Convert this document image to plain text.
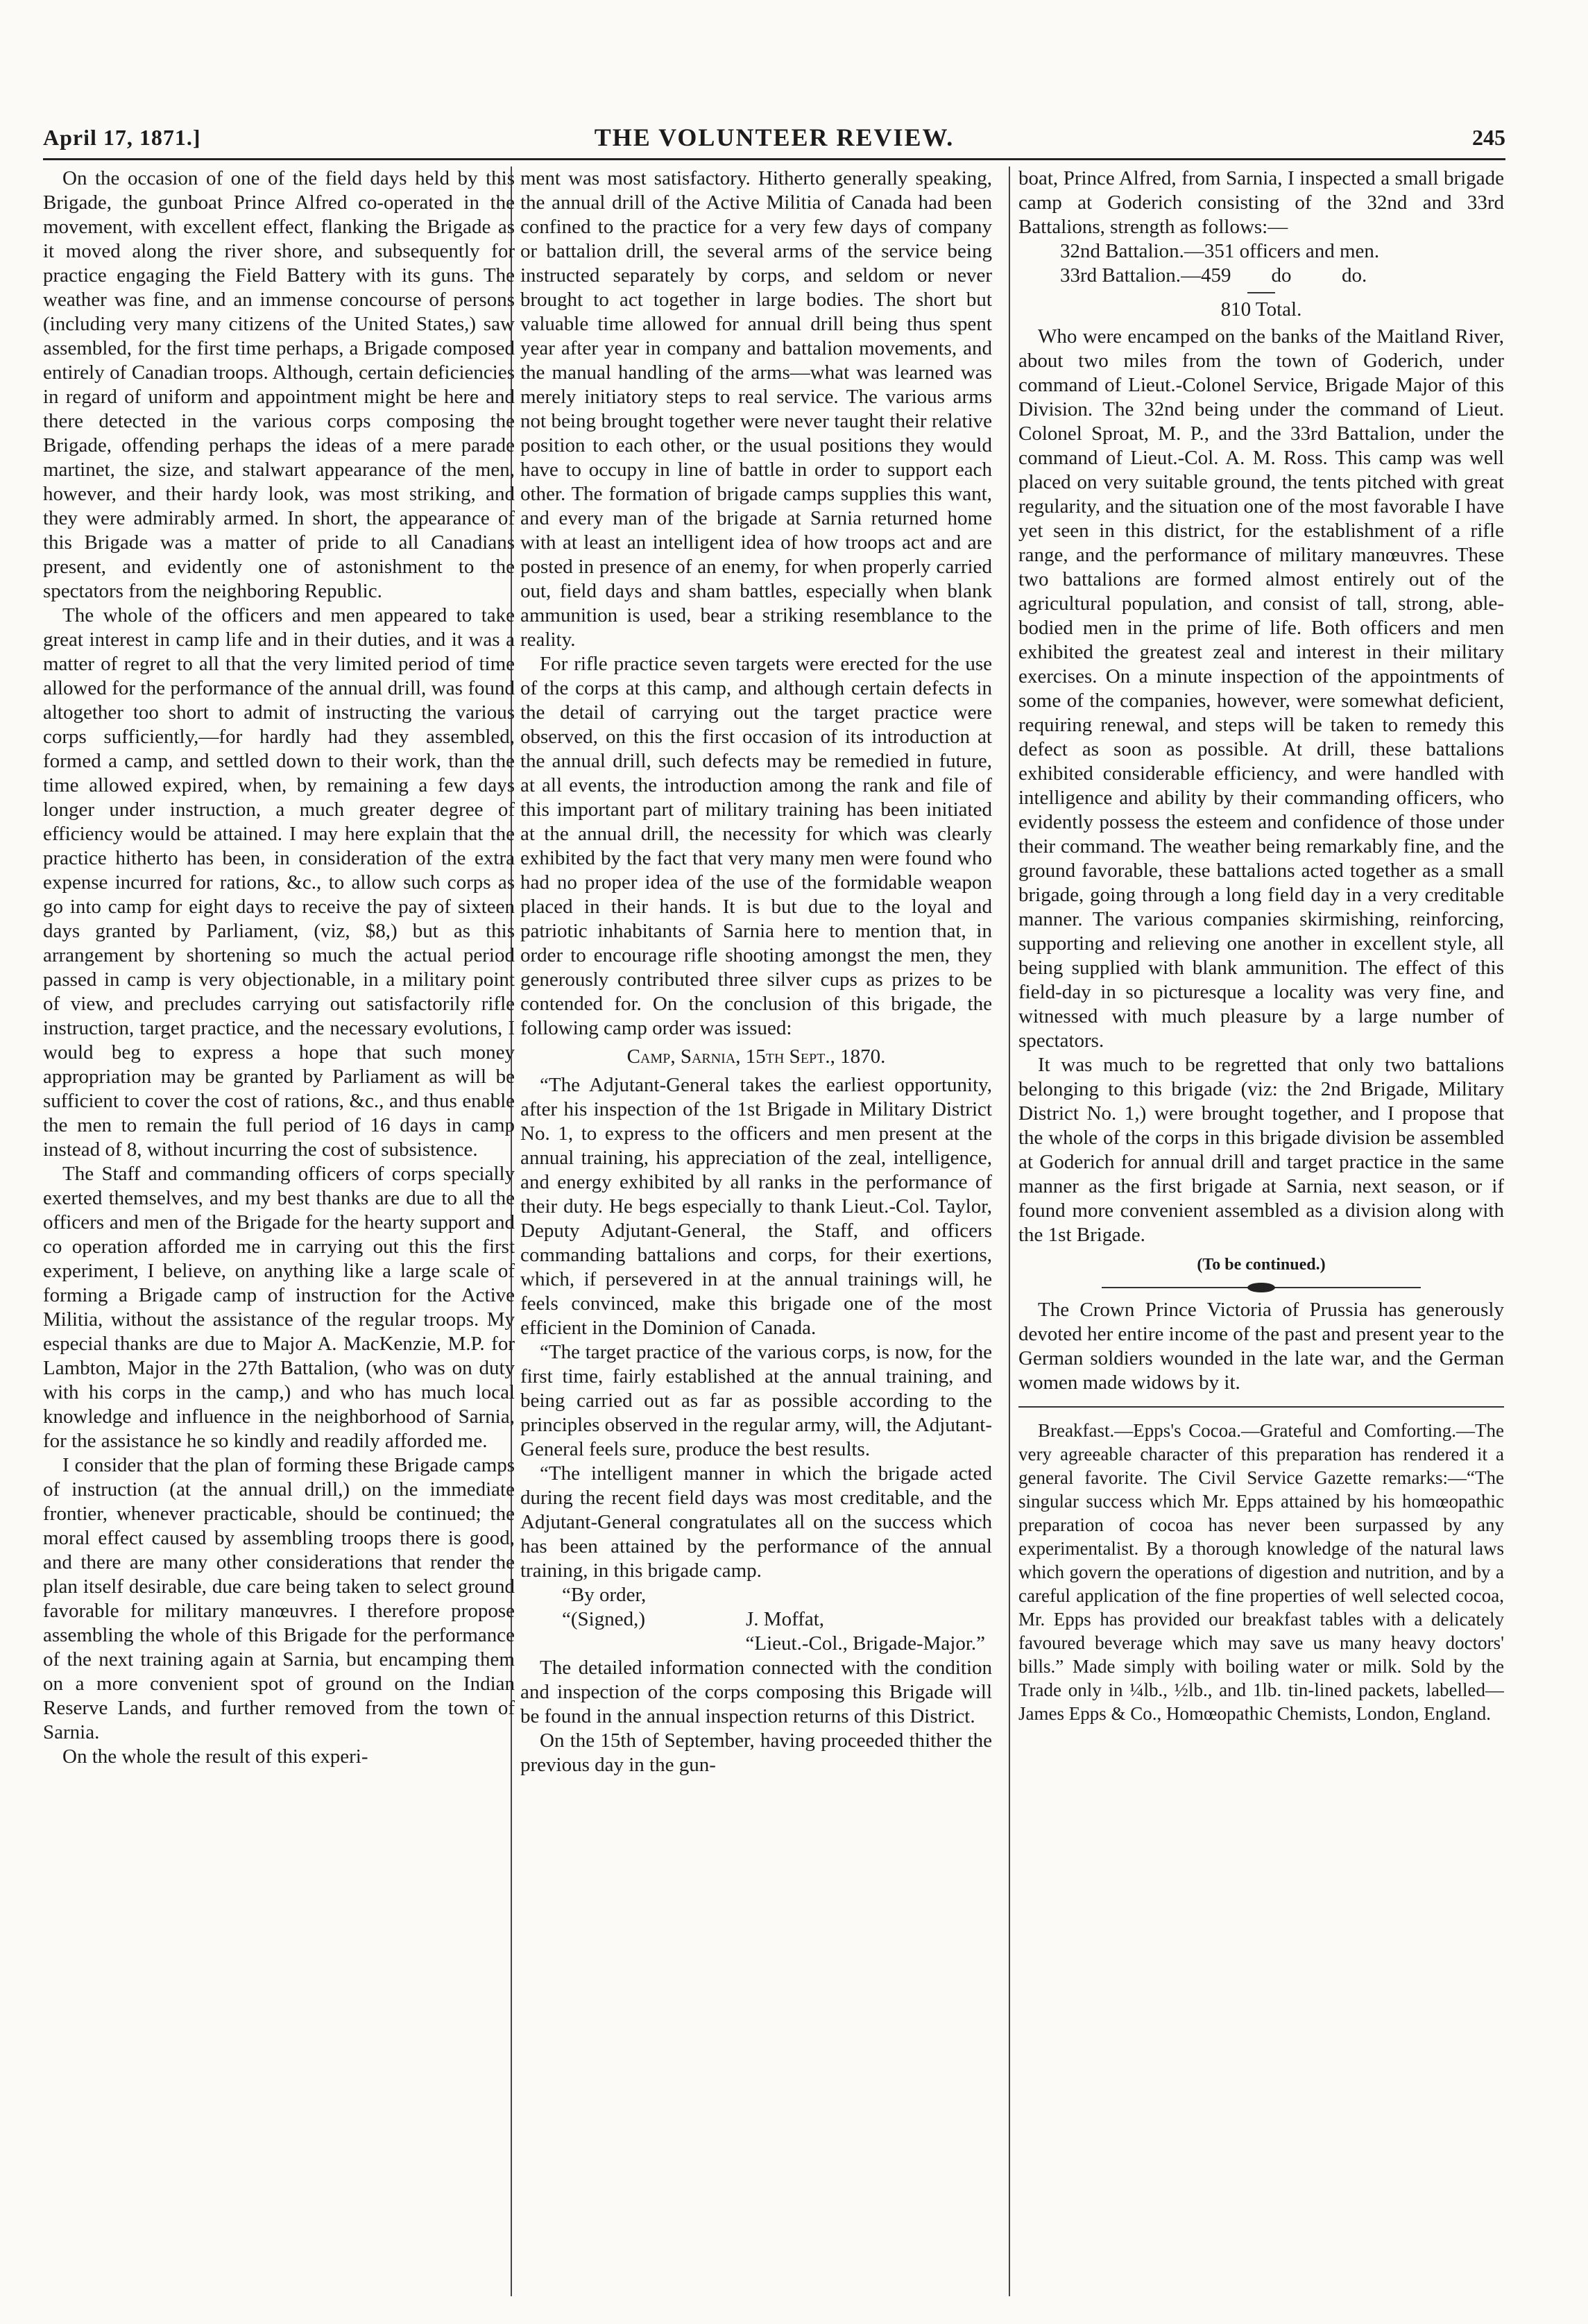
April 17, 1871.]	THE VOLUNTEER REVIEW.	245

On the occasion of one of the field days held by this Brigade, the gunboat Prince Alfred co-operated in the movement, with excellent effect, flanking the Brigade as it moved along the river shore, and subsequently for practice engaging the Field Battery with its guns. The weather was fine, and an immense concourse of persons (including very many citizens of the United States,) saw assembled, for the first time perhaps, a Brigade composed entirely of Canadian troops. Although, certain deficiencies in regard of uniform and appointment might be here and there detected in the various corps composing the Brigade, offending perhaps the ideas of a mere parade martinet, the size, and stalwart appearance of the men, however, and their hardy look, was most striking, and they were admirably armed. In short, the appearance of this Brigade was a matter of pride to all Canadians present, and evidently one of astonishment to the spectators from the neighboring Republic.

The whole of the officers and men appeared to take great interest in camp life and in their duties, and it was a matter of regret to all that the very limited period of time allowed for the performance of the annual drill, was found altogether too short to admit of instructing the various corps sufficiently,—for hardly had they assembled, formed a camp, and settled down to their work, than the time allowed expired, when, by remaining a few days longer under instruction, a much greater degree of efficiency would be attained. I may here explain that the practice hitherto has been, in consideration of the extra expense incurred for rations, &c., to allow such corps as go into camp for eight days to receive the pay of sixteen days granted by Parliament, (viz, $8,) but as this arrangement by shortening so much the actual period passed in camp is very objectionable, in a military point of view, and precludes carrying out satisfactorily rifle instruction, target practice, and the necessary evolutions, I would beg to express a hope that such money appropriation may be granted by Parliament as will be sufficient to cover the cost of rations, &c., and thus enable the men to remain the full period of 16 days in camp instead of 8, without incurring the cost of subsistence.

The Staff and commanding officers of corps specially exerted themselves, and my best thanks are due to all the officers and men of the Brigade for the hearty support and co operation afforded me in carrying out this the first experiment, I believe, on anything like a large scale of forming a Brigade camp of instruction for the Active Militia, without the assistance of the regular troops. My especial thanks are due to Major A. MacKenzie, M.P. for Lambton, Major in the 27th Battalion, (who was on duty with his corps in the camp,) and who has much local knowledge and influence in the neighborhood of Sarnia, for the assistance he so kindly and readily afforded me.

I consider that the plan of forming these Brigade camps of instruction (at the annual drill,) on the immediate frontier, whenever practicable, should be continued; the moral effect caused by assembling troops there is good, and there are many other considerations that render the plan itself desirable, due care being taken to select ground favorable for military manœuvres. I therefore propose assembling the whole of this Brigade for the performance of the next training again at Sarnia, but encamping them on a more convenient spot of ground on the Indian Reserve Lands, and further removed from the town of Sarnia.

On the whole the result of this experi-

ment was most satisfactory. Hitherto generally speaking, the annual drill of the Active Militia of Canada had been confined to the practice for a very few days of company or battalion drill, the several arms of the service being instructed separately by corps, and seldom or never brought to act together in large bodies. The short but valuable time allowed for annual drill being thus spent year after year in company and battalion movements, and the manual handling of the arms—what was learned was merely initiatory steps to real service. The various arms not being brought together were never taught their relative position to each other, or the usual positions they would have to occupy in line of battle in order to support each other. The formation of brigade camps supplies this want, and every man of the brigade at Sarnia returned home with at least an intelligent idea of how troops act and are posted in presence of an enemy, for when properly carried out, field days and sham battles, especially when blank ammunition is used, bear a striking resemblance to the reality.

For rifle practice seven targets were erected for the use of the corps at this camp, and although certain defects in the detail of carrying out the target practice were observed, on this the first occasion of its introduction at the annual drill, such defects may be remedied in future, at all events, the introduction among the rank and file of this important part of military training has been initiated at the annual drill, the necessity for which was clearly exhibited by the fact that very many men were found who had no proper idea of the use of the formidable weapon placed in their hands. It is but due to the loyal and patriotic inhabitants of Sarnia here to mention that, in order to encourage rifle shooting amongst the men, they generously contributed three silver cups as prizes to be contended for. On the conclusion of this brigade, the following camp order was issued:

Camp, Sarnia, 15th Sept., 1870.

“The Adjutant-General takes the earliest opportunity, after his inspection of the 1st Brigade in Military District No. 1, to express to the officers and men present at the annual training, his appreciation of the zeal, intelligence, and energy exhibited by all ranks in the performance of their duty. He begs especially to thank Lieut.-Col. Taylor, Deputy Adjutant-General, the Staff, and officers commanding battalions and corps, for their exertions, which, if persevered in at the annual trainings will, he feels convinced, make this brigade one of the most efficient in the Dominion of Canada.

“The target practice of the various corps, is now, for the first time, fairly established at the annual training, and being carried out as far as possible according to the principles observed in the regular army, will, the Adjutant-General feels sure, produce the best results.

“The intelligent manner in which the brigade acted during the recent field days was most creditable, and the Adjutant-General congratulates all on the success which has been attained by the performance of the annual training, in this brigade camp.

“By order,

“(Signed,)                    J. Moffat,

“Lieut.-Col., Brigade-Major.”

The detailed information connected with the condition and inspection of the corps composing this Brigade will be found in the annual inspection returns of this District.

On the 15th of September, having proceeded thither the previous day in the gun-

boat, Prince Alfred, from Sarnia, I inspected a small brigade camp at Goderich consisting of the 32nd and 33rd Battalions, strength as follows:—

32nd Battalion.—351 officers and men.

33rd Battalion.—459        do          do.

810 Total.

Who were encamped on the banks of the Maitland River, about two miles from the town of Goderich, under command of Lieut.-Colonel Service, Brigade Major of this Division. The 32nd being under the command of Lieut. Colonel Sproat, M. P., and the 33rd Battalion, under the command of Lieut.-Col. A. M. Ross. This camp was well placed on very suitable ground, the tents pitched with great regularity, and the situation one of the most favorable I have yet seen in this district, for the establishment of a rifle range, and the performance of military manœuvres. These two battalions are formed almost entirely out of the agricultural population, and consist of tall, strong, able-bodied men in the prime of life. Both officers and men exhibited the greatest zeal and interest in their military exercises. On a minute inspection of the appointments of some of the companies, however, were somewhat deficient, requiring renewal, and steps will be taken to remedy this defect as soon as possible. At drill, these battalions exhibited considerable efficiency, and were handled with intelligence and ability by their commanding officers, who evidently possess the esteem and confidence of those under their command. The weather being remarkably fine, and the ground favorable, these battalions acted together as a small brigade, going through a long field day in a very creditable manner. The various companies skirmishing, reinforcing, supporting and relieving one another in excellent style, all being supplied with blank ammunition. The effect of this field-day in so picturesque a locality was very fine, and witnessed with much pleasure by a large number of spectators.

It was much to be regretted that only two battalions belonging to this brigade (viz: the 2nd Brigade, Military District No. 1,) were brought together, and I propose that the whole of the corps in this brigade division be assembled at Goderich for annual drill and target practice in the same manner as the first brigade at Sarnia, next season, or if found more convenient assembled as a division along with the 1st Brigade.

(To be continued.)

The Crown Prince Victoria of Prussia has generously devoted her entire income of the past and present year to the German soldiers wounded in the late war, and the German women made widows by it.

Breakfast.—Epps's Cocoa.—Grateful and Comforting.—The very agreeable character of this preparation has rendered it a general favorite. The Civil Service Gazette remarks:—“The singular success which Mr. Epps attained by his homœopathic preparation of cocoa has never been surpassed by any experimentalist. By a thorough knowledge of the natural laws which govern the operations of digestion and nutrition, and by a careful application of the fine properties of well selected cocoa, Mr. Epps has provided our breakfast tables with a delicately favoured beverage which may save us many heavy doctors' bills.” Made simply with boiling water or milk. Sold by the Trade only in ¼lb., ½lb., and 1lb. tin-lined packets, labelled—James Epps & Co., Homœopathic Chemists, London, England.
